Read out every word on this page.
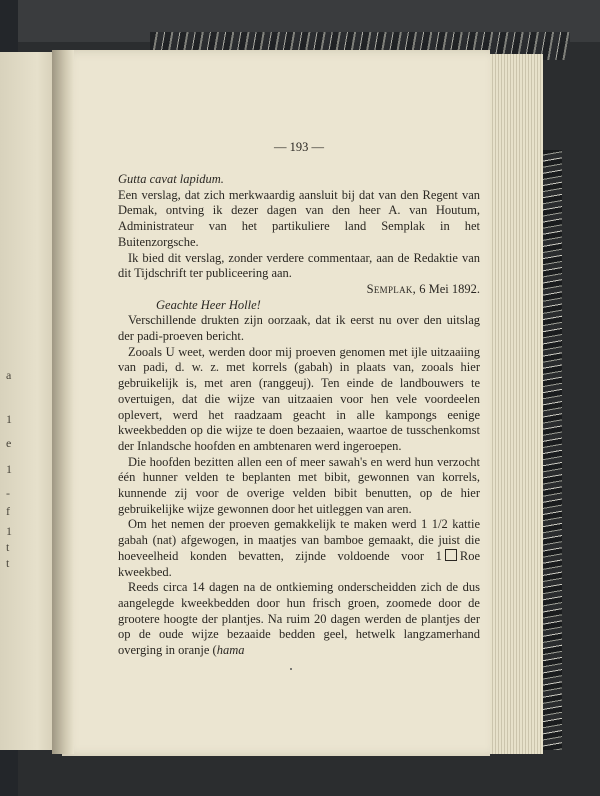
a
1
e
1
-
f
1
t
t
— 193 —

Gutta cavat lapidum.

Een verslag, dat zich merkwaardig aansluit bij dat van den Regent van Demak, ontving ik dezer dagen van den heer A. van Houtum, Administrateur van het partikuliere land Semplak in het Buitenzorgsche.

Ik bied dit verslag, zonder verdere commentaar, aan de Redaktie van dit Tijdschrift ter publiceering aan.

Semplak, 6 Mei 1892.

Geachte Heer Holle!

Verschillende drukten zijn oorzaak, dat ik eerst nu over den uitslag der padi-proeven bericht.

Zooals U weet, werden door mij proeven genomen met ijle uitzaaiing van padi, d. w. z. met korrels (gabah) in plaats van, zooals hier gebruikelijk is, met aren (ranggeuj). Ten einde de landbouwers te overtuigen, dat die wijze van uitzaaien voor hen vele voordeelen oplevert, werd het raadzaam geacht in alle kampongs eenige kweekbedden op die wijze te doen bezaaien, waartoe de tusschenkomst der Inlandsche hoofden en ambtenaren werd ingeroepen.

Die hoofden bezitten allen een of meer sawah's en werd hun verzocht één hunner velden te beplanten met bibit, gewonnen van korrels, kunnende zij voor de overige velden bibit benutten, op de hier gebruikelijke wijze gewonnen door het uitleggen van aren.

Om het nemen der proeven gemakkelijk te maken werd 1 1/2 kattie gabah (nat) afgewogen, in maatjes van bamboe gemaakt, die juist die hoeveelheid konden bevatten, zijnde voldoende voor 1 Roe kweekbed.

Reeds circa 14 dagen na de ontkieming onderscheidden zich de dus aangelegde kweekbedden door hun frisch groen, zoomede door de grootere hoogte der plantjes. Na ruim 20 dagen werden de plantjes der op de oude wijze bezaaide bedden geel, hetwelk langzamerhand overging in oranje (hama
